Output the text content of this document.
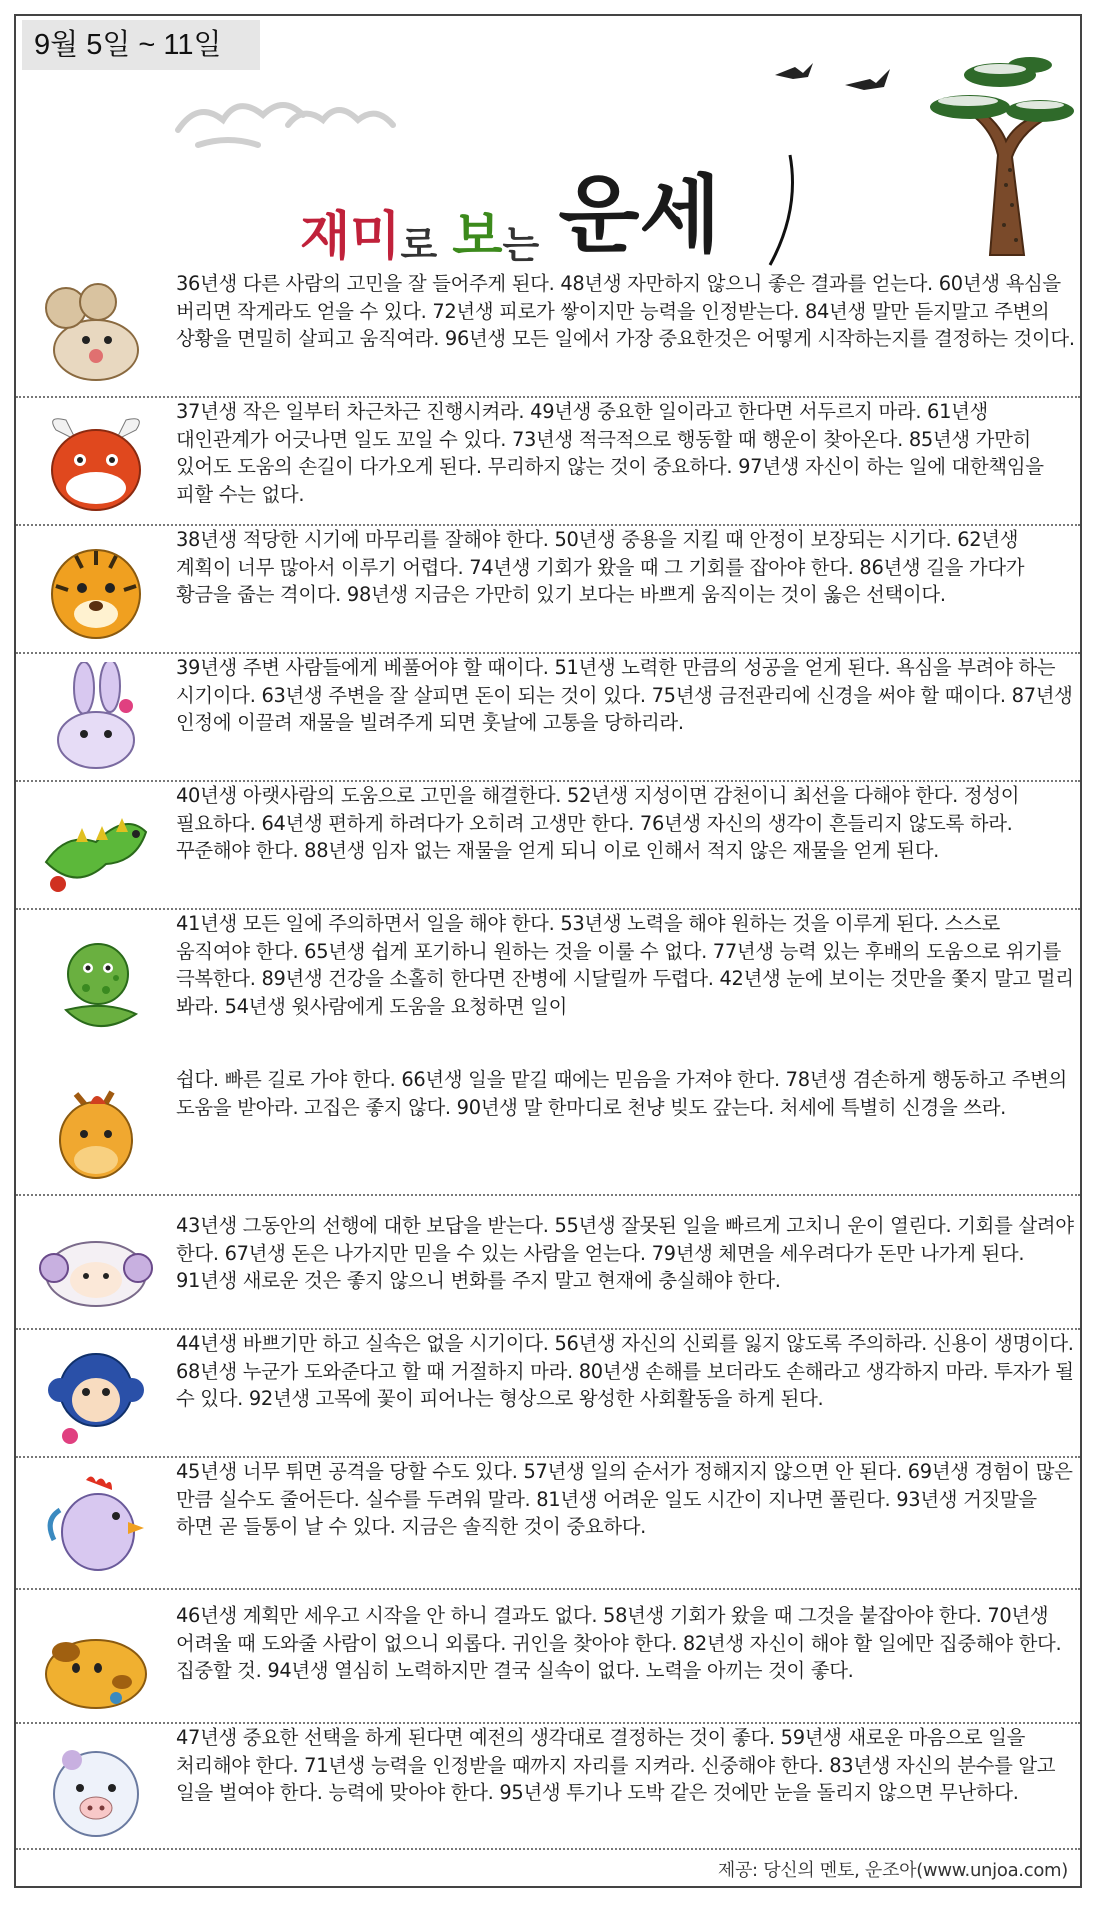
9월 5일 ~ 11일
재미로 보는 운세
36년생 다른 사람의 고민을 잘 들어주게 된다. 48년생 자만하지 않으니 좋은 결과를 얻는다. 60년생 욕심을 버리면 작게라도 얻을 수 있다. 72년생 피로가 쌓이지만 능력을 인정받는다. 84년생 말만 듣지말고 주변의 상황을 면밀히 살피고 움직여라. 96년생 모든 일에서 가장 중요한것은 어떻게 시작하는지를 결정하는 것이다.
37년생 작은 일부터 차근차근 진행시켜라. 49년생 중요한 일이라고 한다면 서두르지 마라. 61년생 대인관계가 어긋나면 일도 꼬일 수 있다. 73년생 적극적으로 행동할 때 행운이 찾아온다. 85년생 가만히 있어도 도움의 손길이 다가오게 된다. 무리하지 않는 것이 중요하다. 97년생 자신이 하는 일에 대한책임을 피할 수는 없다.
38년생 적당한 시기에 마무리를 잘해야 한다. 50년생 중용을 지킬 때 안정이 보장되는 시기다. 62년생 계획이 너무 많아서 이루기 어렵다. 74년생 기회가 왔을 때 그 기회를 잡아야 한다. 86년생 길을 가다가 황금을 줍는 격이다. 98년생 지금은 가만히 있기 보다는 바쁘게 움직이는 것이 옳은 선택이다.
39년생 주변 사람들에게 베풀어야 할 때이다. 51년생 노력한 만큼의 성공을 얻게 된다. 욕심을 부려야 하는 시기이다. 63년생 주변을 잘 살피면 돈이 되는 것이 있다. 75년생 금전관리에 신경을 써야 할 때이다. 87년생 인정에 이끌려 재물을 빌려주게 되면 훗날에 고통을 당하리라.
40년생 아랫사람의 도움으로 고민을 해결한다. 52년생 지성이면 감천이니 최선을 다해야 한다. 정성이 필요하다. 64년생 편하게 하려다가 오히려 고생만 한다. 76년생 자신의 생각이 흔들리지 않도록 하라. 꾸준해야 한다. 88년생 임자 없는 재물을 얻게 되니 이로 인해서 적지 않은 재물을 얻게 된다.
41년생 모든 일에 주의하면서 일을 해야 한다. 53년생 노력을 해야 원하는 것을 이루게 된다. 스스로 움직여야 한다. 65년생 쉽게 포기하니 원하는 것을 이룰 수 없다. 77년생 능력 있는 후배의 도움으로 위기를 극복한다. 89년생 건강을 소홀히 한다면 잔병에 시달릴까 두렵다. 42년생 눈에 보이는 것만을 쫓지 말고 멀리 봐라. 54년생 윗사람에게 도움을 요청하면 일이
쉽다. 빠른 길로 가야 한다. 66년생 일을 맡길 때에는 믿음을 가져야 한다. 78년생 겸손하게 행동하고 주변의 도움을 받아라. 고집은 좋지 않다. 90년생 말 한마디로 천냥 빚도 갚는다. 처세에 특별히 신경을 쓰라.
43년생 그동안의 선행에 대한 보답을 받는다. 55년생 잘못된 일을 빠르게 고치니 운이 열린다. 기회를 살려야 한다. 67년생 돈은 나가지만 믿을 수 있는 사람을 얻는다. 79년생 체면을 세우려다가 돈만 나가게 된다. 91년생 새로운 것은 좋지 않으니 변화를 주지 말고 현재에 충실해야 한다.
44년생 바쁘기만 하고 실속은 없을 시기이다. 56년생 자신의 신뢰를 잃지 않도록 주의하라. 신용이 생명이다. 68년생 누군가 도와준다고 할 때 거절하지 마라. 80년생 손해를 보더라도 손해라고 생각하지 마라. 투자가 될 수 있다. 92년생 고목에 꽃이 피어나는 형상으로 왕성한 사회활동을 하게 된다.
45년생 너무 튀면 공격을 당할 수도 있다. 57년생 일의 순서가 정해지지 않으면 안 된다. 69년생 경험이 많은 만큼 실수도 줄어든다. 실수를 두려워 말라. 81년생 어려운 일도 시간이 지나면 풀린다. 93년생 거짓말을 하면 곧 들통이 날 수 있다. 지금은 솔직한 것이 중요하다.
46년생 계획만 세우고 시작을 안 하니 결과도 없다. 58년생 기회가 왔을 때 그것을 붙잡아야 한다. 70년생 어려울 때 도와줄 사람이 없으니 외롭다. 귀인을 찾아야 한다. 82년생 자신이 해야 할 일에만 집중해야 한다. 집중할 것. 94년생 열심히 노력하지만 결국 실속이 없다. 노력을 아끼는 것이 좋다.
47년생 중요한 선택을 하게 된다면 예전의 생각대로 결정하는 것이 좋다. 59년생 새로운 마음으로 일을 처리해야 한다. 71년생 능력을 인정받을 때까지 자리를 지켜라. 신중해야 한다. 83년생 자신의 분수를 알고 일을 벌여야 한다. 능력에 맞아야 한다. 95년생 투기나 도박 같은 것에만 눈을 돌리지 않으면 무난하다.
제공: 당신의 멘토, 운조아(www.unjoa.com)
